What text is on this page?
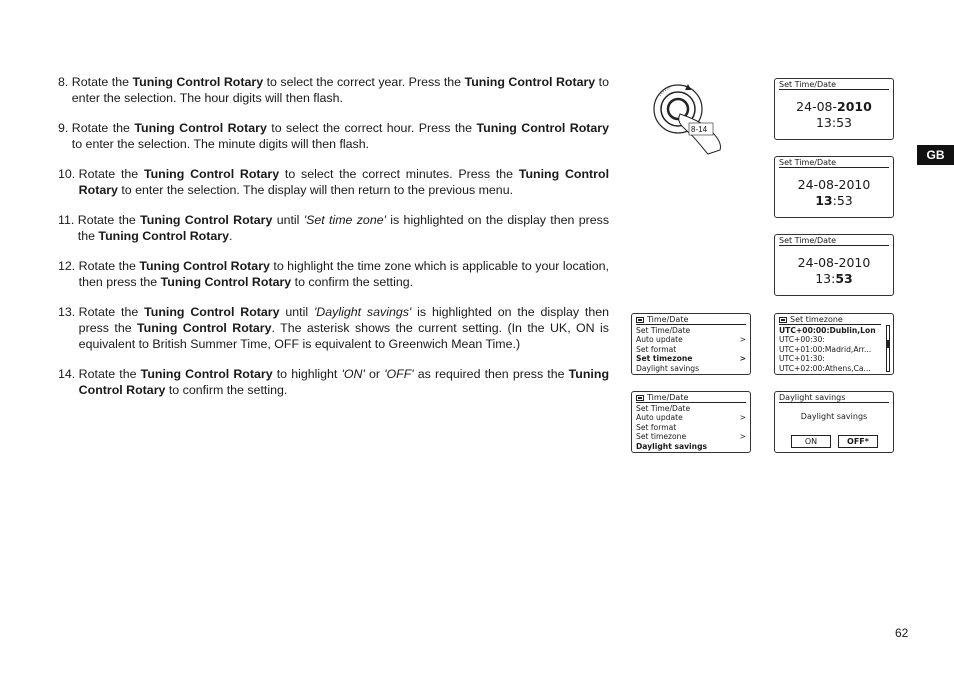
8. Rotate the Tuning Control Rotary to select the correct year. Press the Tuning Control Rotary to enter the selection. The hour digits will then flash.
9. Rotate the Tuning Control Rotary to select the correct hour. Press the Tuning Control Rotary to enter the selection. The minute digits will then flash.
10. Rotate the Tuning Control Rotary to select the correct minutes. Press the Tuning Control Rotary to enter the selection. The display will then return to the previous menu.
11. Rotate the Tuning Control Rotary until 'Set time zone' is highlighted on the display then press the Tuning Control Rotary.
12. Rotate the Tuning Control Rotary to highlight the time zone which is applicable to your location, then press the Tuning Control Rotary to confirm the setting.
13. Rotate the Tuning Control Rotary until 'Daylight savings' is highlighted on the display then press the Tuning Control Rotary. The asterisk shows the current setting. (In the UK, ON is equivalent to British Summer Time, OFF is equivalent to Greenwich Mean Time.)
14. Rotate the Tuning Control Rotary to highlight 'ON' or 'OFF' as required then press the Tuning Control Rotary to confirm the setting.
8-14
Set Time/Date
24-08-2010
13:53
Set Time/Date
24-08-2010
13:53
Set Time/Date
24-08-2010
13:53
Time/Date
Set Time/Date
Auto update	>
Set format
Set timezone	>
Daylight savings
Set timezone
UTC+00:00:Dublin,Lon
UTC+00:30:
UTC+01:00:Madrid,Arr...
UTC+01:30:
UTC+02:00:Athens,Ca...
Time/Date
Set Time/Date
Auto update	>
Set format
Set timezone	>
Daylight savings
Daylight savings
Daylight savings
ON	OFF*
GB
62
